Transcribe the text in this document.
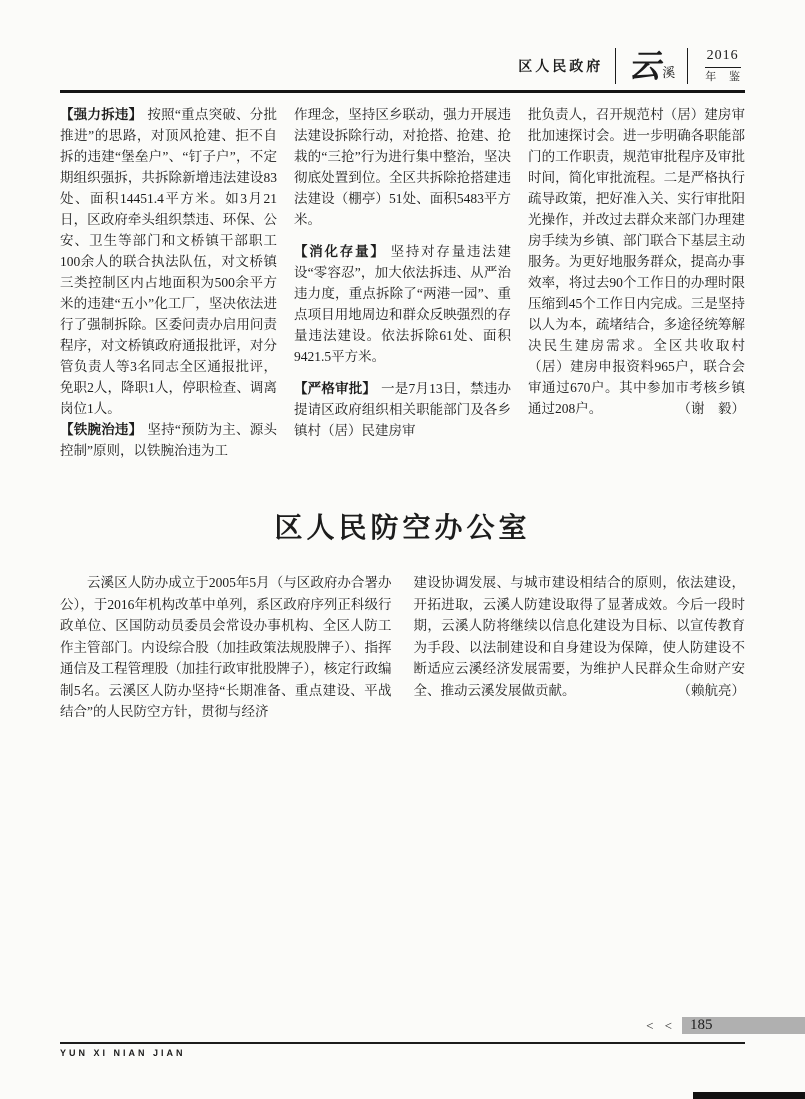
区人民政府 云 溪
2016
年 鉴

【强力拆违】 按照“重点突破、分批推进”的思路，对顶风抢建、拒不自拆的违建“堡垒户”、“钉子户”，不定期组织强拆，共拆除新增违法建设83处、面积14451.4平方米。如3月21日，区政府牵头组织禁违、环保、公安、卫生等部门和文桥镇干部职工100余人的联合执法队伍，对文桥镇三类控制区内占地面积为500余平方米的违建“五小”化工厂，坚决依法进行了强制拆除。区委问责办启用问责程序，对文桥镇政府通报批评，对分管负责人等3名同志全区通报批评，免职2人，降职1人，停职检查、调离岗位1人。

【铁腕治违】 坚持“预防为主、源头控制”原则，以铁腕治违为工

作理念，坚持区乡联动，强力开展违法建设拆除行动，对抢搭、抢建、抢栽的“三抢”行为进行集中整治，坚决彻底处置到位。全区共拆除抢搭建违法建设（棚亭）51处、面积5483平方米。

【消化存量】 坚持对存量违法建设“零容忍”，加大依法拆违、从严治违力度，重点拆除了“两港一园”、重点项目用地周边和群众反映强烈的存量违法建设。依法拆除61处、面积9421.5平方米。

【严格审批】 一是7月13日，禁违办提请区政府组织相关职能部门及各乡镇村（居）民建房审

批负责人，召开规范村（居）建房审批加速探讨会。进一步明确各职能部门的工作职责，规范审批程序及审批时间，简化审批流程。二是严格执行疏导政策，把好准入关、实行审批阳光操作，并改过去群众来部门办理建房手续为乡镇、部门联合下基层主动服务。为更好地服务群众，提高办事效率，将过去90个工作日的办理时限压缩到45个工作日内完成。三是坚持以人为本，疏堵结合，多途径统筹解决民生建房需求。全区共收取村（居）建房申报资料965户，联合会审通过670户。其中参加市考核乡镇通过208户。	（谢　毅）

区人民防空办公室

云溪区人防办成立于2005年5月（与区政府办合署办公），于2016年机构改革中单列，系区政府序列正科级行政单位、区国防动员委员会常设办事机构、全区人防工作主管部门。内设综合股（加挂政策法规股牌子）、指挥通信及工程管理股（加挂行政审批股牌子），核定行政编制5名。云溪区人防办坚持“长期准备、重点建设、平战结合”的人民防空方针，贯彻与经济

建设协调发展、与城市建设相结合的原则，依法建设，开拓进取，云溪人防建设取得了显著成效。今后一段时期，云溪人防将继续以信息化建设为目标、以宣传教育为手段、以法制建设和自身建设为保障，使人防建设不断适应云溪经济发展需要，为维护人民群众生命财产安全、推动云溪发展做贡献。	（赖航亮）

< < 185
YUN XI NIAN JIAN
